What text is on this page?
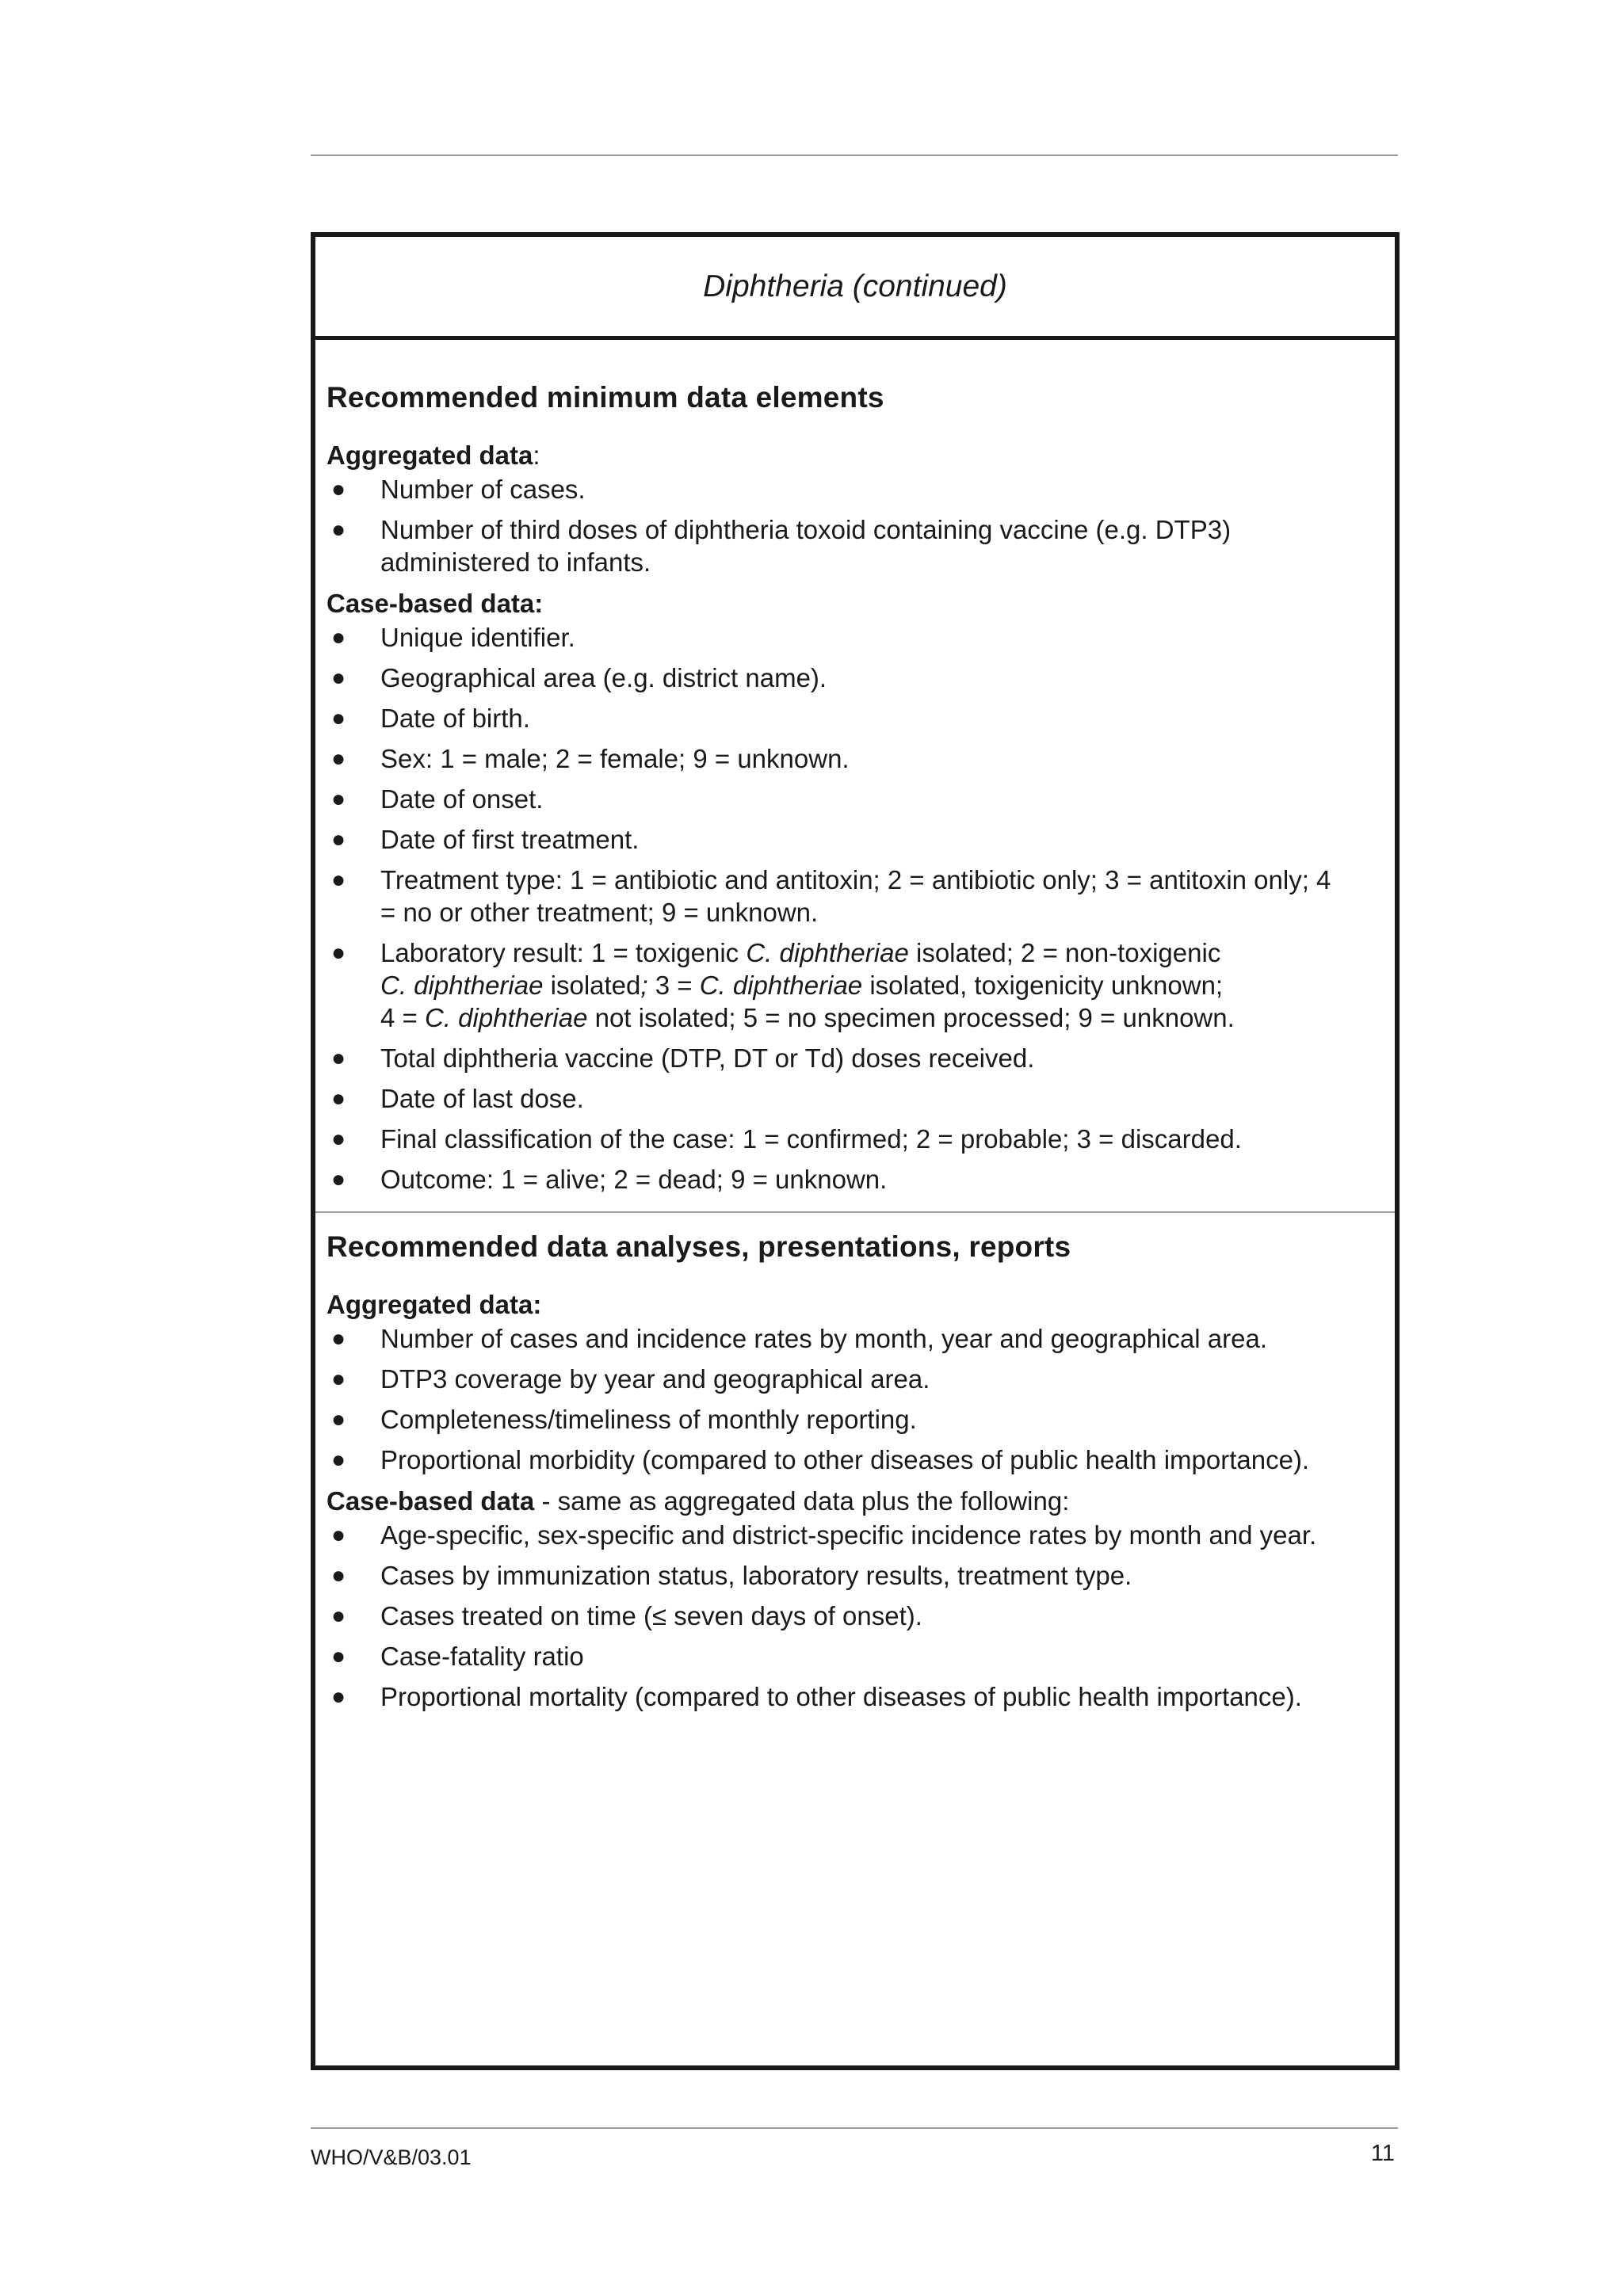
Diphtheria (continued)
Recommended minimum data elements

Aggregated data:

● Number of cases.
● Number of third doses of diphtheria toxoid containing vaccine (e.g. DTP3) administered to infants.

Case-based data:

● Unique identifier.
● Geographical area (e.g. district name).
● Date of birth.
● Sex: 1 = male; 2 = female; 9 = unknown.
● Date of onset.
● Date of first treatment.
● Treatment type: 1 = antibiotic and antitoxin; 2 = antibiotic only; 3 = antitoxin only; 4 = no or other treatment; 9 = unknown.
● Laboratory result: 1 = toxigenic C. diphtheriae isolated; 2 = non-toxigenic
C. diphtheriae isolated; 3 = C. diphtheriae isolated, toxigenicity unknown;
4 = C. diphtheriae not isolated; 5 = no specimen processed; 9 = unknown.
● Total diphtheria vaccine (DTP, DT or Td) doses received.
● Date of last dose.
● Final classification of the case: 1 = confirmed; 2 = probable; 3 = discarded.
● Outcome: 1 = alive; 2 = dead; 9 = unknown.
Recommended data analyses, presentations, reports

Aggregated data:

● Number of cases and incidence rates by month, year and geographical area.
● DTP3 coverage by year and geographical area.
● Completeness/timeliness of monthly reporting.
● Proportional morbidity (compared to other diseases of public health importance).

Case-based data - same as aggregated data plus the following:

● Age-specific, sex-specific and district-specific incidence rates by month and year.
● Cases by immunization status, laboratory results, treatment type.
● Cases treated on time (≤ seven days of onset).
● Case-fatality ratio
● Proportional mortality (compared to other diseases of public health importance).
WHO/V&B/03.01	11
